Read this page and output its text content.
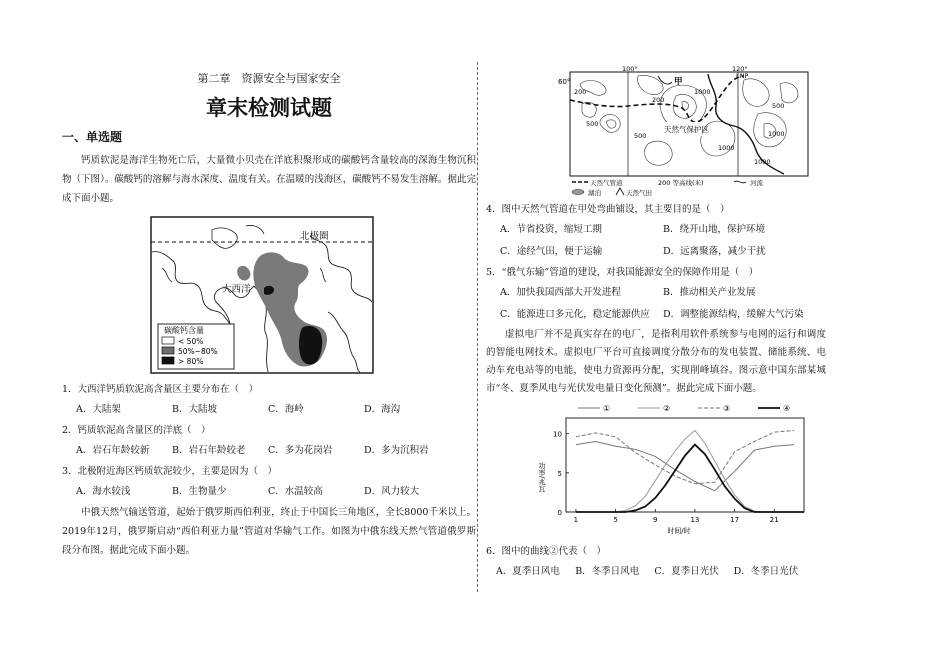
第二章　资源安全与国家安全
章末检测试题
一、单选题

钙质软泥是海洋生物死亡后，大量微小贝壳在洋底积聚形成的碳酸钙含量较高的深海生物沉积物（下图）。碳酸钙的溶解与海水深度、温度有关。在温暖的浅海区，碳酸钙不易发生溶解。据此完成下面小题。

北极圈
大西洋
碳酸钙含量
< 50%
50%~80%
> 80%

1．大西洋钙质软泥高含量区主要分布在（　）

A．大陆架	B．大陆坡	C．海岭	D．海沟

2．钙质软泥高含量区的洋底（　）

A．岩石年龄较新	B．岩石年龄较老	C．多为花岗岩	D．多为沉积岩

3．北极附近海区钙质软泥较少，主要是因为（　）

A．海水较浅	B．生物量少	C．水温较高	D．风力较大

中俄天然气输送管道，起始于俄罗斯西伯利亚，终止于中国长三角地区，全长8000千米以上。2019年12月，俄罗斯启动“西伯利亚力量”管道对华输气工作。如图为中俄东线天然气管道俄罗斯段分布图。据此完成下面小题。

60°
100°	120°
LNP
天然气保护区
甲
200
200
500
500
500
1000
1000
1000
1000
天然气管道	200 等高线(米)	河流
湖泊	天然气田

4．图中天然气管道在甲处弯曲铺设，其主要目的是（　）

A．节省投资，缩短工期	B．绕开山地，保护环境
C．途经气田，便于运输	D．远离聚落，减少干扰

5．“俄气东输”管道的建设，对我国能源安全的保障作用是（　）

A．加快我国西部大开发进程	B．推动相关产业发展
C．能源进口多元化，稳定能源供应	D．调整能源结构，缓解大气污染

虚拟电厂并不是真实存在的电厂，是指利用软件系统参与电网的运行和调度的智能电网技术。虚拟电厂平台可直接调度分散分布的发电装置、储能系统、电动车充电站等的电能，使电力资源再分配，实现削峰填谷。图示意中国东部某城市“冬、夏季风电与光伏发电量日变化预测”。据此完成下面小题。

①	②	③	④
0
5
10
1	5	9	13	17	21
功率/兆瓦
时间/时

6．图中的曲线②代表（　）

A．夏季日风电	B．冬季日风电	C．夏季日光伏	D．冬季日光伏
